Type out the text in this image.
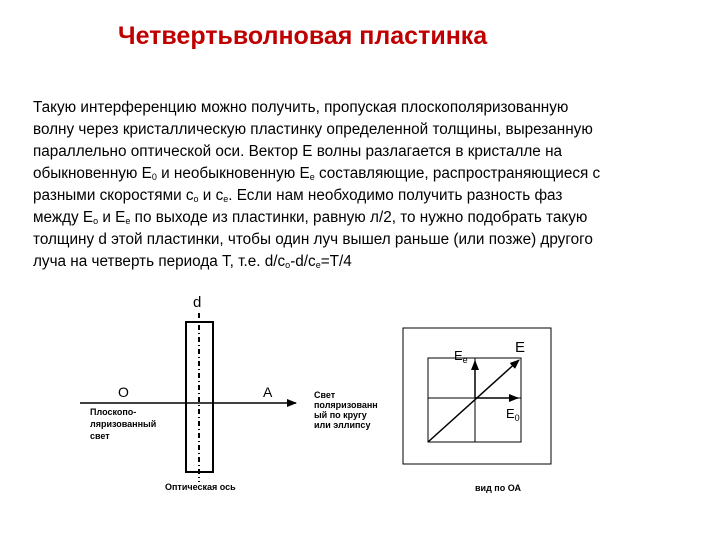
Четвертьволновая пластинка
Такую интерференцию можно получить, пропуская плоскополяризованную
волну через кристаллическую пластинку определенной толщины, вырезанную
параллельно оптической оси. Вектор Е волны разлагается в кристалле на
обыкновенную $Е_0$ и необыкновенную $Е_е$ составляющие, распространяющиеся с
разными скоростями $с_о$ и $с_е$. Если нам необходимо получить разность фаз
между $Е_о$ и $Е_е$ по выходе из пластинки, равную л/2, то нужно подобрать такую
толщину d этой пластинки, чтобы один луч вышел раньше (или позже) другого
луча на четверть периода Т, т.е. $d/c_o-d/c_e=T/4$
d
O	A
Плоскопо- ляризованный свет
Свет поляризованн ый по кругу или эллипсу
Оптическая ось
$E_e$
E
$E_0$
вид по ОА
